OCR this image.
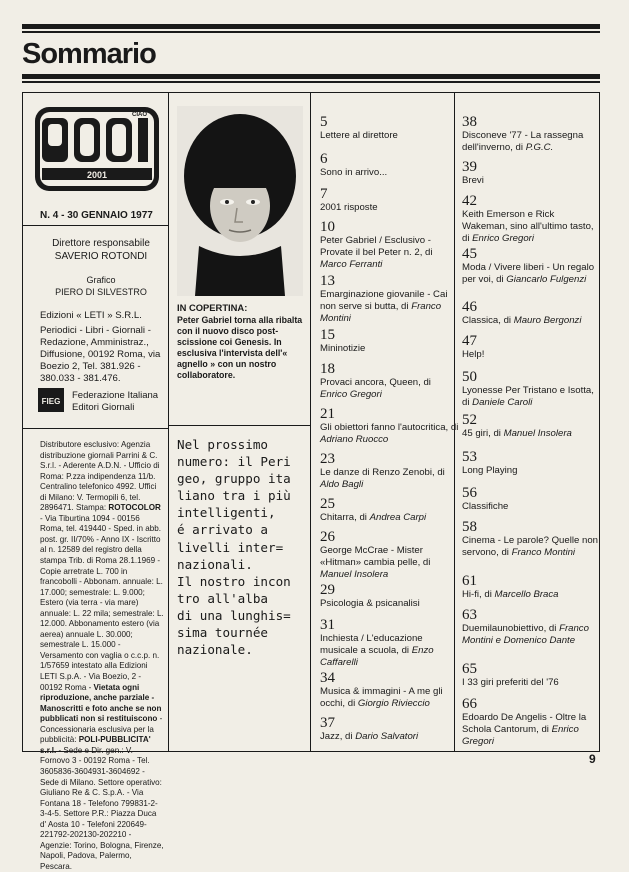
Sommario
CIAO
2001
N. 4 - 30 GENNAIO 1977
Direttore responsabile
SAVERIO ROTONDI
Grafico
PIERO DI SILVESTRO
Edizioni « LETI » S.R.L.
Periodici - Libri - Giornali - Redazione, Amministraz., Diffusione, 00192 Roma, via Boezio 2, Tel. 381.926 - 380.033 - 381.476.
FIEG
Federazione Italiana
Editori Giornali
Distributore esclusivo: Agenzia distribuzione giornali Parrini & C. S.r.l. - Aderente A.D.N. - Ufficio di Roma: P.zza indipendenza 11/b. Centralino telefonico 4992. Uffici di Milano: V. Termopili 6, tel. 2896471. Stampa: ROTOCOLOR - Via Tiburtina 1094 - 00156 Roma, tel. 419440 - Sped. in abb. post. gr. II/70% - Anno IX - Iscritto al n. 12589 del registro della stampa Trib. di Roma 28.1.1969 - Copie arretrate L. 700 in francobolli - Abbonam. annuale: L. 17.000; semestrale: L. 9.000; Estero (via terra - via mare) annuale: L. 22 mila; semestrale: L. 12.000. Abbonamento estero (via aerea) annuale L. 30.000; semestrale L. 15.000 - Versamento con vaglia o c.c.p. n. 1/57659 intestato alla Edizioni LETI S.p.A. - Via Boezio, 2 - 00192 Roma - Vietata ogni riproduzione, anche parziale - Manoscritti e foto anche se non pubblicati non si restituiscono - Concessionaria esclusiva per la pubblicità: POLI-PUBBLICITA' s.r.l. - Sede e Dir. gen.: V. Fornovo 3 - 00192 Roma - Tel. 3605836-3604931-3604692 - Sede di Milano. Settore operativo: Giuliano Re & C. S.p.A. - Via Fontana 18 - Telefono 799831-2-3-4-5. Settore P.R.: Piazza Duca d' Aosta 10 - Telefoni 220649-221792-202130-202210 - Agenzie: Torino, Bologna, Firenze, Napoli, Padova, Palermo, Pescara.
IN COPERTINA:
Peter Gabriel torna alla ribalta con il nuovo disco post-scissione coi Genesis. In esclusiva l'intervista dell'« agnello » con un nostro collaboratore.
Nel prossimo
numero: il Peri
geo, gruppo ita
liano tra i più
intelligenti,
é arrivato a
livelli inter=
nazionali.
Il nostro incon
tro all'alba
di una lunghis=
sima tournée
nazionale.
5
Lettere al direttore
6
Sono in arrivo...
7
2001 risposte
10
Peter Gabriel / Esclusivo - Provate il bel Peter n. 2, di Marco Ferranti
13
Emarginazione giovanile - Cai non serve si butta, di Franco Montini
15
Mininotizie
18
Provaci ancora, Queen, di Enrico Gregori
21
Gli obiettori fanno l'autocritica, di Adriano Ruocco
23
Le danze di Renzo Zenobi, di Aldo Bagli
25
Chitarra, di Andrea Carpi
26
George McCrae - Mister «Hitman» cambia pelle, di Manuel Insolera
29
Psicologia & psicanalisi
31
Inchiesta / L'educazione musicale a scuola, di Enzo Caffarelli
34
Musica & immagini - A me gli occhi, di Giorgio Rivieccio
37
Jazz, di Dario Salvatori
38
Disconeve '77 - La rassegna dell'inverno, di P.G.C.
39
Brevi
42
Keith Emerson e Rick Wakeman, sino all'ultimo tasto, di Enrico Gregori
45
Moda / Vivere liberi - Un regalo per voi, di Giancarlo Fulgenzi
46
Classica, di Mauro Bergonzi
47
Help!
50
Lyonesse Per Tristano e Isotta, di Daniele Caroli
52
45 giri, di Manuel Insolera
53
Long Playing
56
Classifiche
58
Cinema - Le parole? Quelle non servono, di Franco Montini
61
Hi-fi, di Marcello Braca
63
Duemilaunobiettivo, di Franco Montini e Domenico Dante
65
I 33 giri preferiti del '76
66
Edoardo De Angelis - Oltre la Schola Cantorum, di Enrico Gregori
9
